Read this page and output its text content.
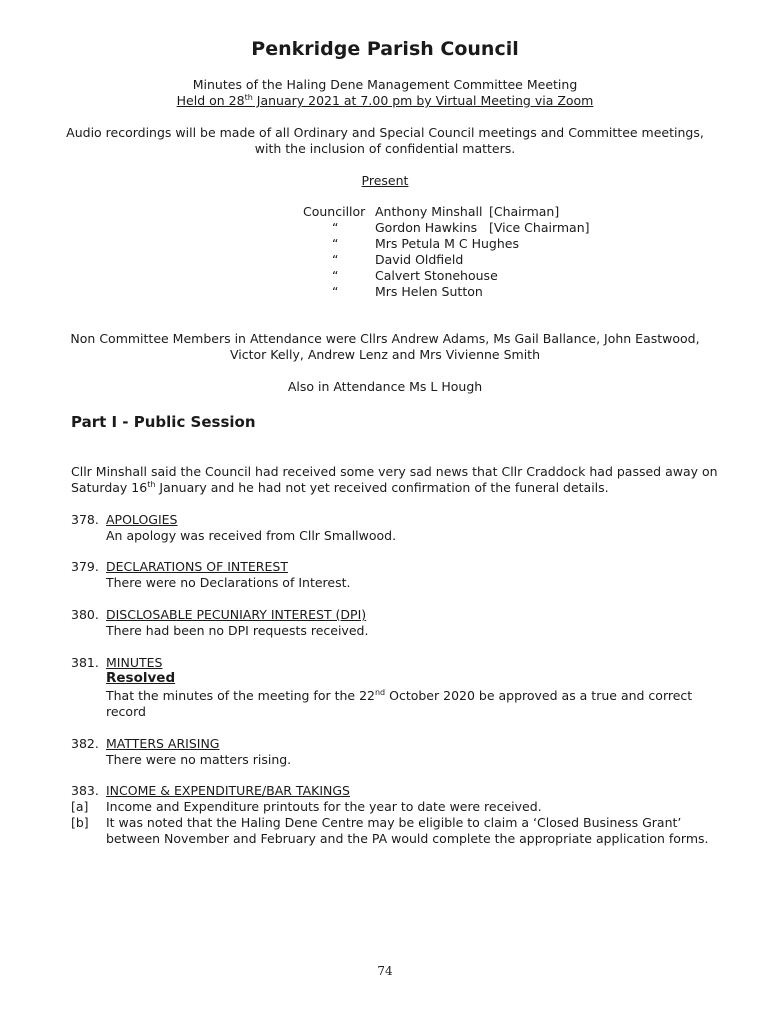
Penkridge Parish Council
Minutes of the Haling Dene Management Committee Meeting
Held on 28th January 2021 at 7.00 pm by Virtual Meeting via Zoom
Audio recordings will be made of all Ordinary and Special Council meetings and Committee meetings,
with the inclusion of confidential matters.
Present
Councillor Anthony Minshall [Chairman]
“	Gordon Hawkins [Vice Chairman]
“	Mrs Petula M C Hughes
“	David Oldfield
“	Calvert Stonehouse
“	Mrs Helen Sutton
Non Committee Members in Attendance were Cllrs Andrew Adams, Ms Gail Ballance, John Eastwood,
Victor Kelly, Andrew Lenz and Mrs Vivienne Smith
Also in Attendance Ms L Hough
Part I - Public Session
Cllr Minshall said the Council had received some very sad news that Cllr Craddock had passed away on
Saturday 16th January and he had not yet received confirmation of the funeral details.
378. APOLOGIES
An apology was received from Cllr Smallwood.
379. DECLARATIONS OF INTEREST
There were no Declarations of Interest.
380. DISCLOSABLE PECUNIARY INTEREST (DPI)
There had been no DPI requests received.
381. MINUTES
Resolved
That the minutes of the meeting for the 22nd October 2020 be approved as a true and correct
record
382. MATTERS ARISING
There were no matters rising.
383. INCOME & EXPENDITURE/BAR TAKINGS
[a] Income and Expenditure printouts for the year to date were received.
[b] It was noted that the Haling Dene Centre may be eligible to claim a ‘Closed Business Grant’
between November and February and the PA would complete the appropriate application forms.
74
